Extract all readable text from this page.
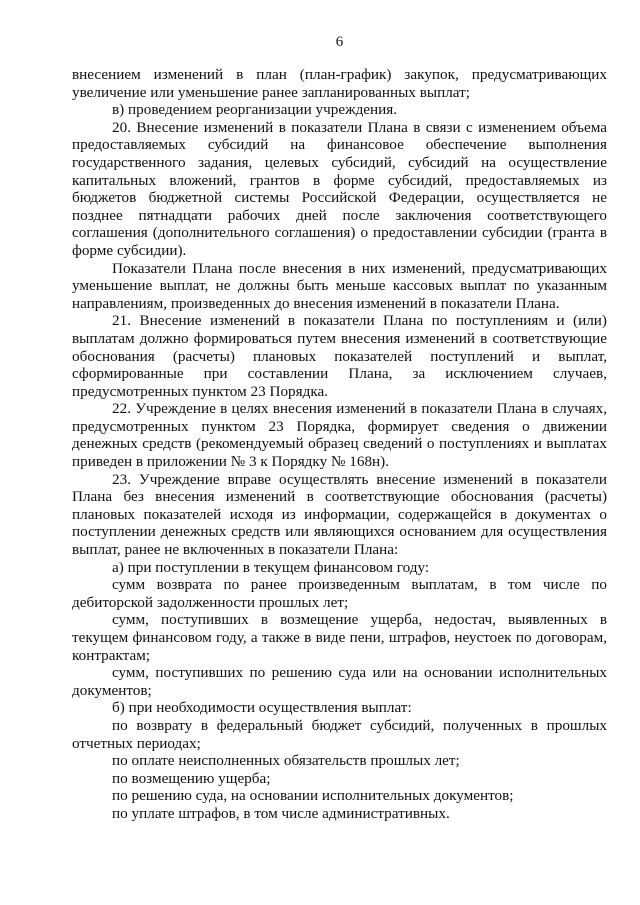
6

внесением изменений в план (план-график) закупок, предусматривающих увеличение или уменьшение ранее запланированных выплат;

в) проведением реорганизации учреждения.

20. Внесение изменений в показатели Плана в связи с изменением объема предоставляемых субсидий на финансовое обеспечение выполнения государственного задания, целевых субсидий, субсидий на осуществление капитальных вложений, грантов в форме субсидий, предоставляемых из бюджетов бюджетной системы Российской Федерации, осуществляется не позднее пятнадцати рабочих дней после заключения соответствующего соглашения (дополнительного соглашения) о предоставлении субсидии (гранта в форме субсидии).

Показатели Плана после внесения в них изменений, предусматривающих уменьшение выплат, не должны быть меньше кассовых выплат по указанным направлениям, произведенных до внесения изменений в показатели Плана.

21. Внесение изменений в показатели Плана по поступлениям и (или) выплатам должно формироваться путем внесения изменений в соответствующие обоснования (расчеты) плановых показателей поступлений и выплат, сформированные при составлении Плана, за исключением случаев, предусмотренных пунктом 23 Порядка.

22. Учреждение в целях внесения изменений в показатели Плана в случаях, предусмотренных пунктом 23 Порядка, формирует сведения о движении денежных средств (рекомендуемый образец сведений о поступлениях и выплатах приведен в приложении № 3 к Порядку № 168н).

23. Учреждение вправе осуществлять внесение изменений в показатели Плана без внесения изменений в соответствующие обоснования (расчеты) плановых показателей исходя из информации, содержащейся в документах о поступлении денежных средств или являющихся основанием для осуществления выплат, ранее не включенных в показатели Плана:

а) при поступлении в текущем финансовом году:

сумм возврата по ранее произведенным выплатам, в том числе по дебиторской задолженности прошлых лет;

сумм, поступивших в возмещение ущерба, недостач, выявленных в текущем финансовом году, а также в виде пени, штрафов, неустоек по договорам, контрактам;

сумм, поступивших по решению суда или на основании исполнительных документов;

б) при необходимости осуществления выплат:

по возврату в федеральный бюджет субсидий, полученных в прошлых отчетных периодах;

по оплате неисполненных обязательств прошлых лет;

по возмещению ущерба;

по решению суда, на основании исполнительных документов;

по уплате штрафов, в том числе административных.
